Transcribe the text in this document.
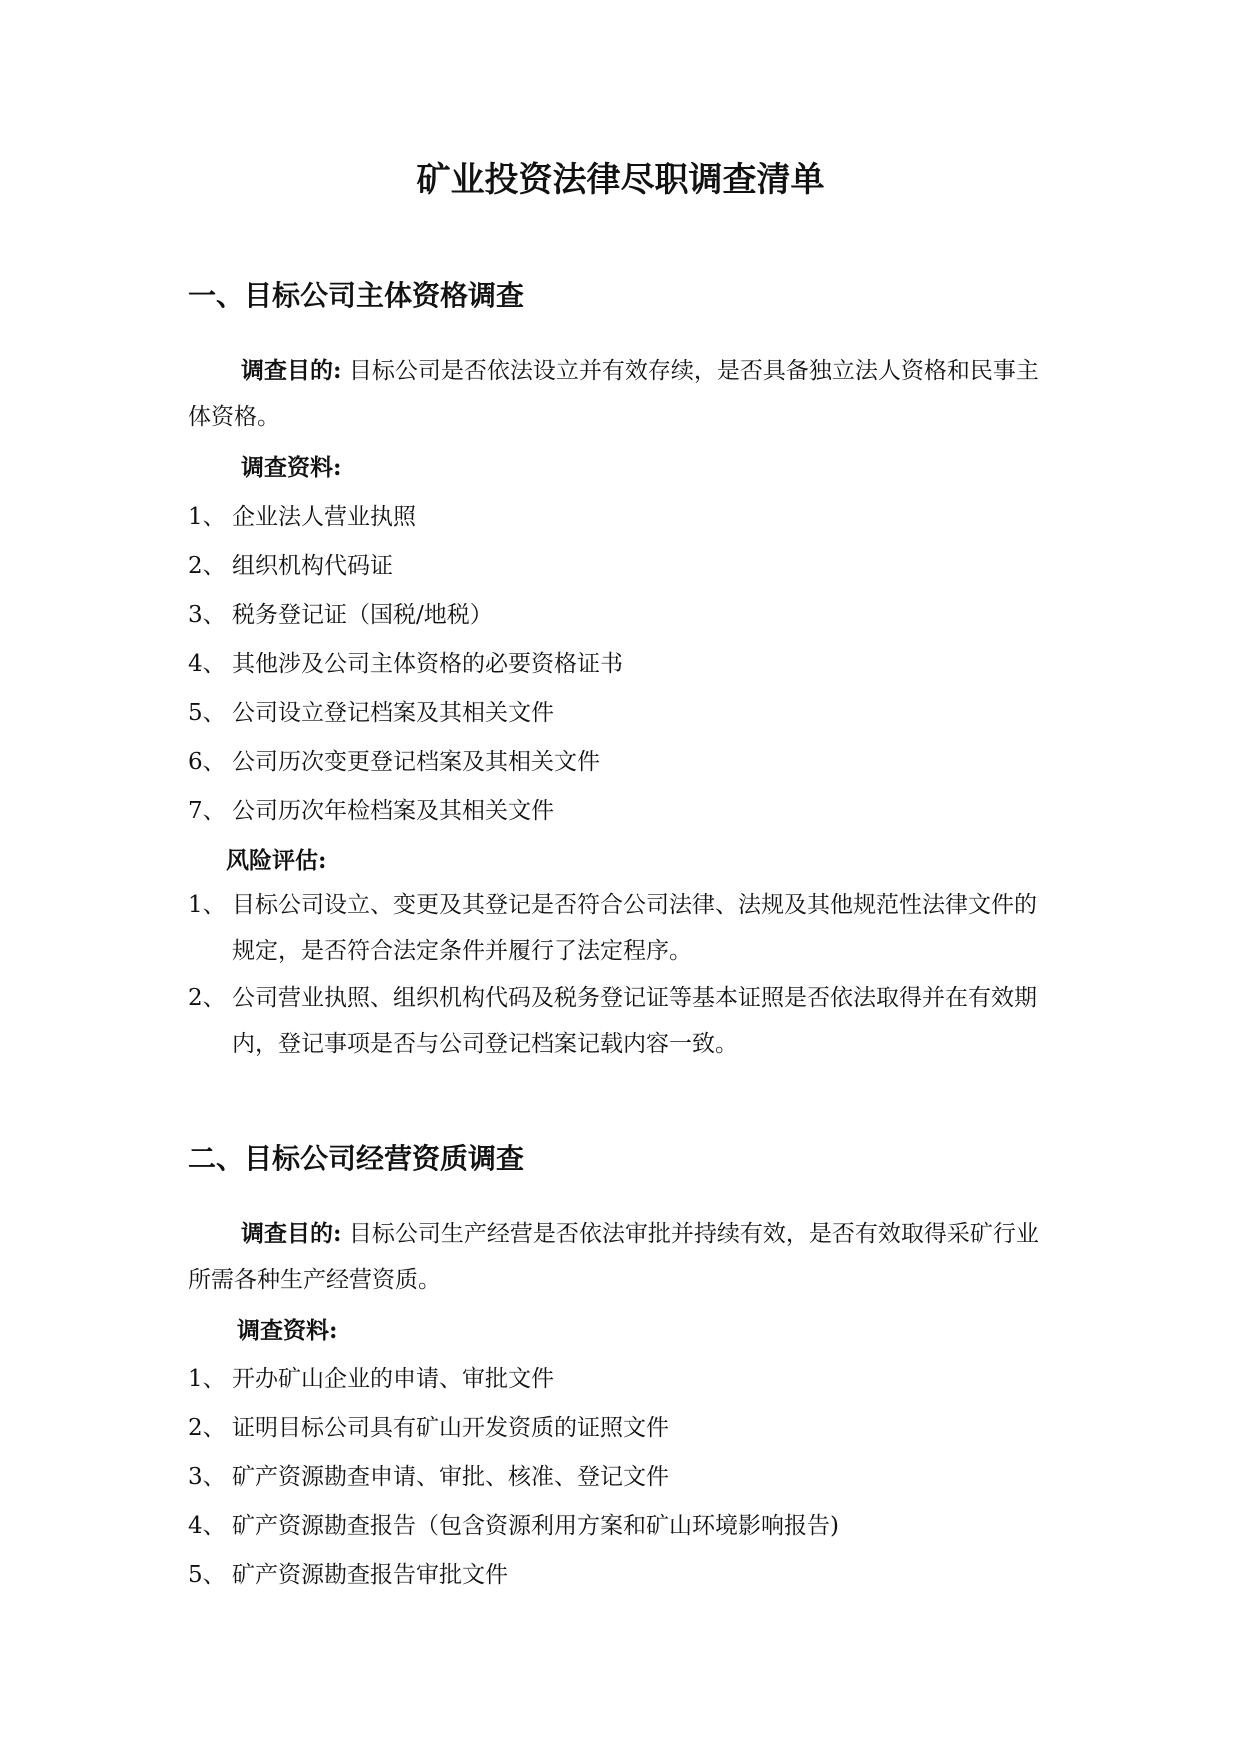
矿业投资法律尽职调查清单
一、目标公司主体资格调查

调查目的: 目标公司是否依法设立并有效存续，是否具备独立法人资格和民事主体资格。

调查资料:
1、 企业法人营业执照
2、 组织机构代码证
3、 税务登记证（国税/地税）
4、 其他涉及公司主体资格的必要资格证书
5、 公司设立登记档案及其相关文件
6、 公司历次变更登记档案及其相关文件
7、 公司历次年检档案及其相关文件
风险评估:
1、 目标公司设立、变更及其登记是否符合公司法律、法规及其他规范性法律文件的规定，是否符合法定条件并履行了法定程序。
2、 公司营业执照、组织机构代码及税务登记证等基本证照是否依法取得并在有效期内，登记事项是否与公司登记档案记载内容一致。
二、目标公司经营资质调查

调查目的: 目标公司生产经营是否依法审批并持续有效，是否有效取得采矿行业所需各种生产经营资质。

调查资料:
1、 开办矿山企业的申请、审批文件
2、 证明目标公司具有矿山开发资质的证照文件
3、 矿产资源勘查申请、审批、核准、登记文件
4、 矿产资源勘查报告（包含资源利用方案和矿山环境影响报告)
5、 矿产资源勘查报告审批文件
